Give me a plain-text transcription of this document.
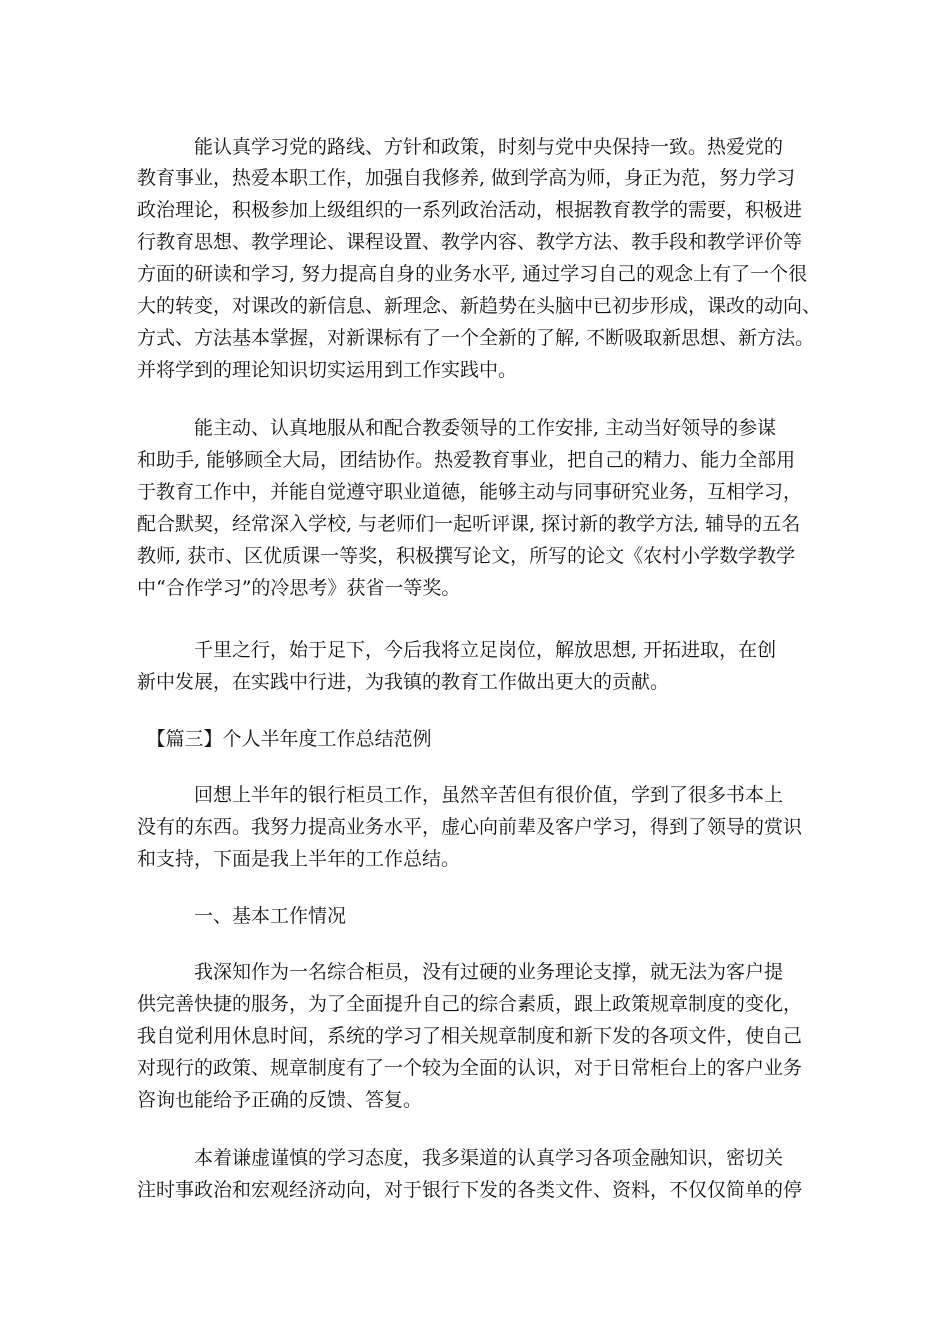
　　　能认真学习党的路线、方针和政策，时刻与党中央保持一致。热爱党的

教育事业，热爱本职工作，加强自我修养, 做到学高为师，身正为范，努力学习

政治理论，积极参加上级组织的一系列政治活动，根据教育教学的需要，积极进

行教育思想、教学理论、课程设置、教学内容、教学方法、教手段和教学评价等

方面的研读和学习, 努力提高自身的业务水平, 通过学习自己的观念上有了一个很

大的转变，对课改的新信息、新理念、新趋势在头脑中已初步形成，课改的动向、

方式、方法基本掌握，对新课标有了一个全新的了解, 不断吸取新思想、新方法。

并将学到的理论知识切实运用到工作实践中。

　　　能主动、认真地服从和配合教委领导的工作安排, 主动当好领导的参谋

和助手, 能够顾全大局，团结协作。热爱教育事业，把自己的精力、能力全部用

于教育工作中，并能自觉遵守职业道德，能够主动与同事研究业务，互相学习，

配合默契，经常深入学校, 与老师们一起听评课, 探讨新的教学方法, 辅导的五名

教师, 获市、区优质课一等奖，积极撰写论文，所写的论文《农村小学数学教学

中“合作学习”的冷思考》获省一等奖。

　　　千里之行，始于足下，今后我将立足岗位，解放思想, 开拓进取，在创

新中发展，在实践中行进，为我镇的教育工作做出更大的贡献。

　【篇三】个人半年度工作总结范例

　　　回想上半年的银行柜员工作，虽然辛苦但有很价值，学到了很多书本上

没有的东西。我努力提高业务水平，虚心向前辈及客户学习，得到了领导的赏识

和支持，下面是我上半年的工作总结。

　　　一、基本工作情况

　　　我深知作为一名综合柜员，没有过硬的业务理论支撑，就无法为客户提

供完善快捷的服务，为了全面提升自己的综合素质，跟上政策规章制度的变化，

我自觉利用休息时间，系统的学习了相关规章制度和新下发的各项文件，使自己

对现行的政策、规章制度有了一个较为全面的认识，对于日常柜台上的客户业务

咨询也能给予正确的反馈、答复。

　　　本着谦虚谨慎的学习态度，我多渠道的认真学习各项金融知识，密切关

注时事政治和宏观经济动向，对于银行下发的各类文件、资料，不仅仅简单的停
